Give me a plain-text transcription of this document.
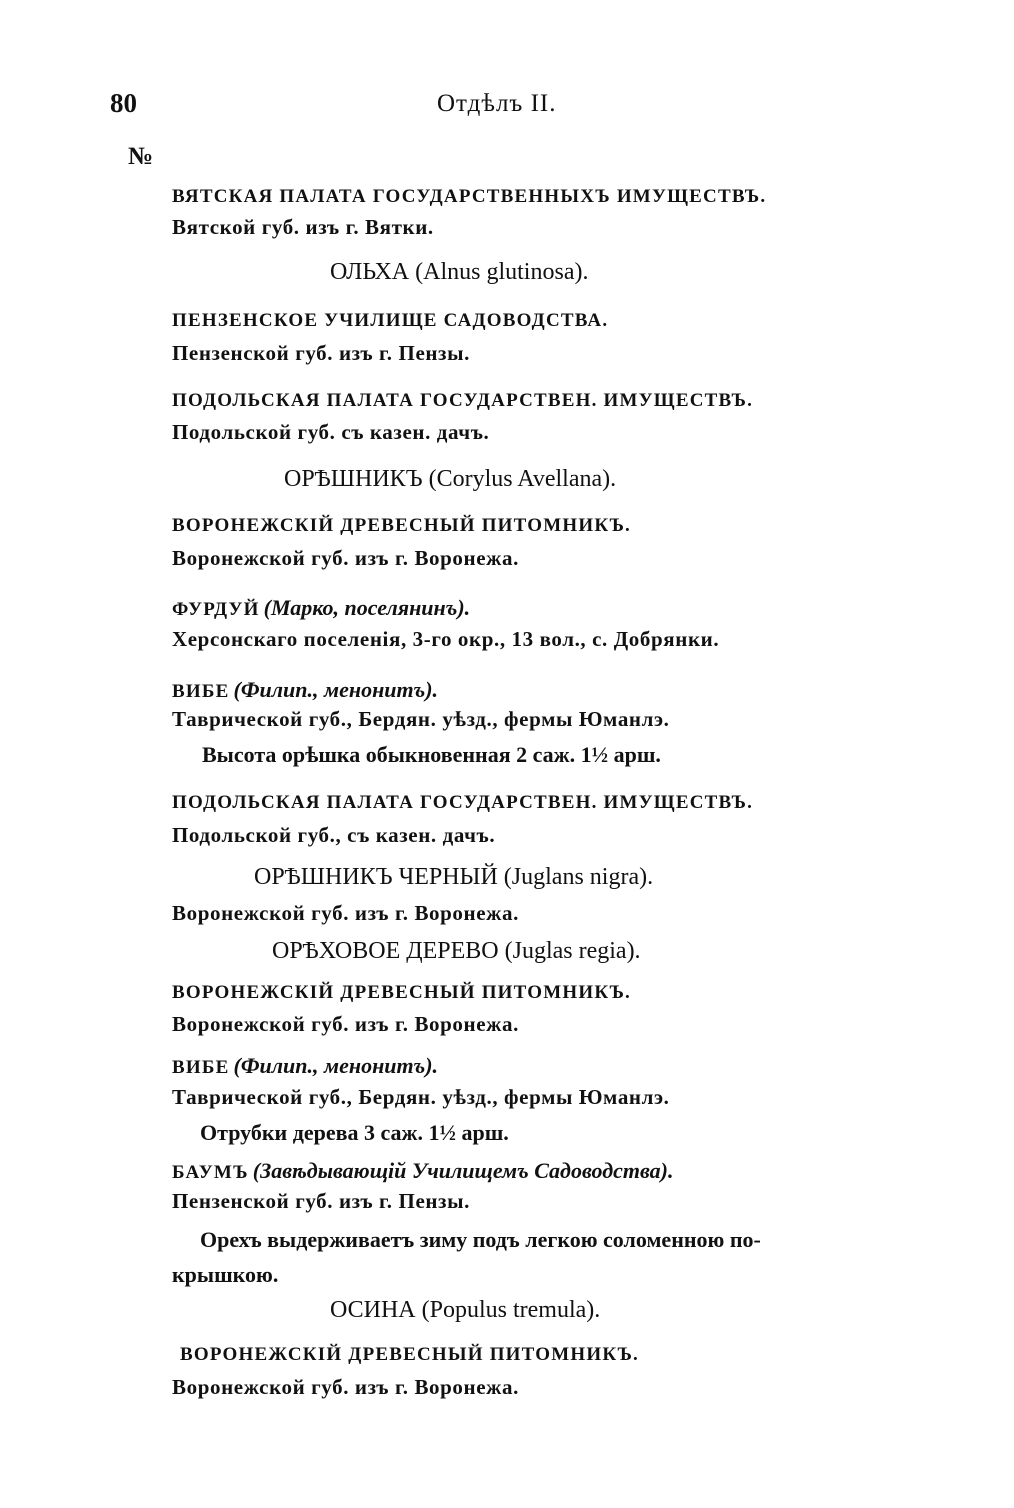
80	Отдѣлъ II.
№
ВЯТСКАЯ ПАЛАТА ГОСУДАРСТВЕННЫХЪ ИМУЩЕСТВЪ.
Вятской губ. изъ г. Вятки.
ОЛЬХА (Alnus glutinosa).
ПЕНЗЕНСКОЕ УЧИЛИЩЕ САДОВОДСТВА.
Пензенской губ. изъ г. Пензы.
ПОДОЛЬСКАЯ ПАЛАТА ГОСУДАРСТВЕН. ИМУЩЕСТВЪ.
Подольской губ. съ казен. дачъ.
ОРѢШНИКЪ (Corylus Avellana).
ВОРОНЕЖСКІЙ ДРЕВЕСНЫЙ ПИТОМНИКЪ.
Воронежской губ. изъ г. Воронежа.
ФУРДУЙ (Марко, поселянинъ).
Херсонскаго поселенія, 3-го окр., 13 вол., с. Добрянки.
ВИБЕ (Филип., менонитъ).
Таврической губ., Бердян. уѣзд., фермы Юманлэ.
Высота орѣшка обыкновенная 2 саж. 1½ арш.
ПОДОЛЬСКАЯ ПАЛАТА ГОСУДАРСТВЕН. ИМУЩЕСТВЪ.
Подольской губ., съ казен. дачъ.
ОРѢШНИКЪ ЧЕРНЫЙ (Juglans nigra).
Воронежской губ. изъ г. Воронежа.
ОРѢХОВОЕ ДЕРЕВО (Juglas regia).
ВОРОНЕЖСКІЙ ДРЕВЕСНЫЙ ПИТОМНИКЪ.
Воронежской губ. изъ г. Воронежа.
ВИБЕ (Филип., менонитъ).
Таврической губ., Бердян. уѣзд., фермы Юманлэ.
Отрубки дерева 3 саж. 1½ арш.
БАУМЪ (Завѣдывающій Училищемъ Садоводства).
Пензенской губ. изъ г. Пензы.
Орехъ выдерживаетъ зиму подъ легкою соломенною по-
крышкою.
ОСИНА (Populus tremula).
ВОРОНЕЖСКІЙ ДРЕВЕСНЫЙ ПИТОМНИКЪ.
Воронежской губ. изъ г. Воронежа.
